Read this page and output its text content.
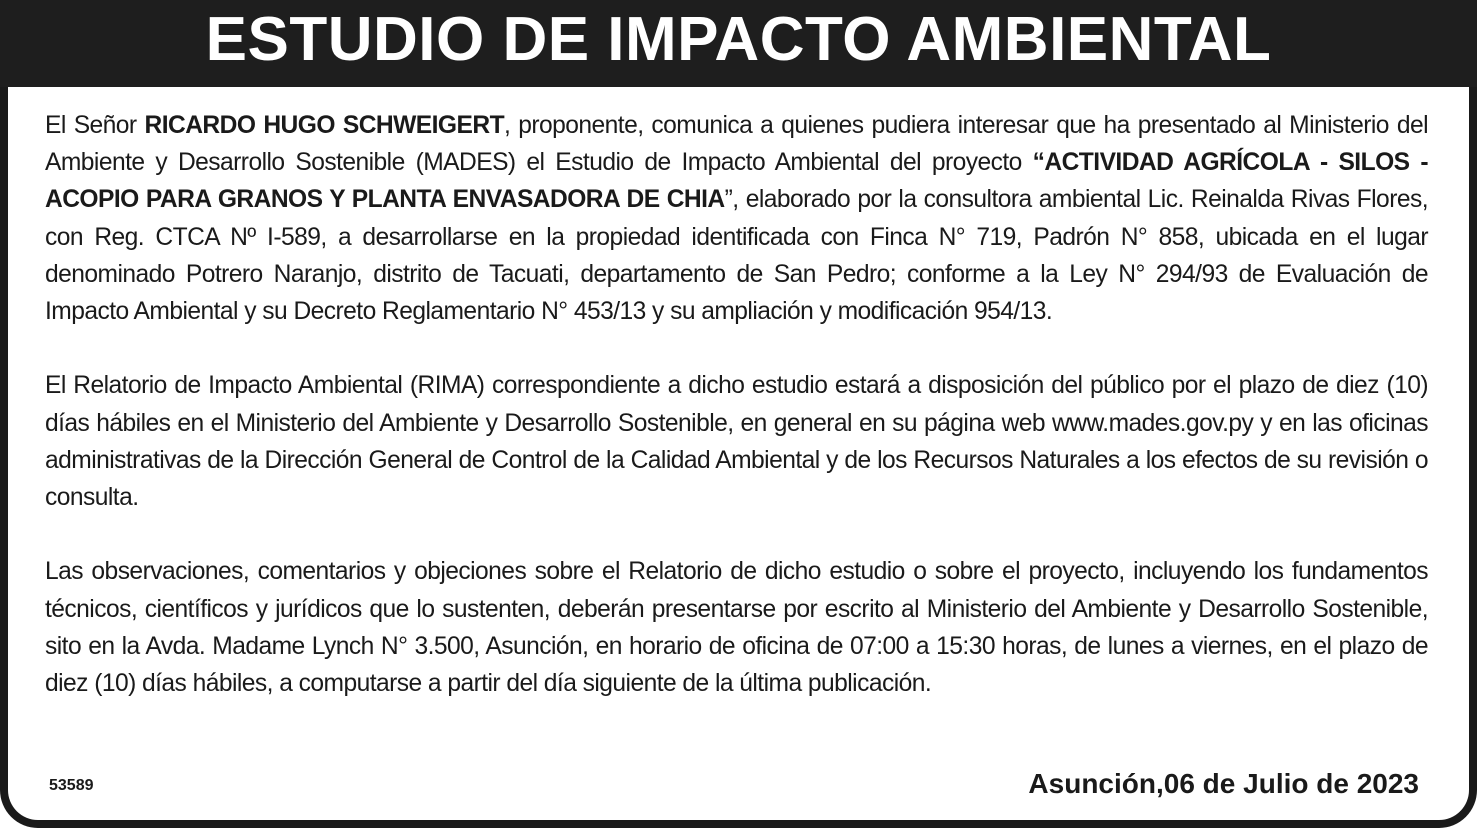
ESTUDIO DE IMPACTO AMBIENTAL

El Señor RICARDO HUGO SCHWEIGERT, proponente, comunica a quienes pudiera interesar que ha presentado al Ministerio del Ambiente y Desarrollo Sostenible (MADES) el Estudio de Impacto Ambiental del proyecto “ACTIVIDAD AGRÍCOLA - SILOS - ACOPIO PARA GRANOS Y PLANTA ENVASADORA DE CHIA”, elaborado por la consultora ambiental Lic. Reinalda Rivas Flores, con Reg. CTCA Nº I-589, a desarrollarse en la propiedad identificada con Finca N° 719, Padrón N° 858, ubicada en el lugar denominado Potrero Naranjo, distrito de Tacuati, departamento de San Pedro; conforme a la Ley N° 294/93 de Evaluación de Impacto Ambiental y su Decreto Reglamentario N° 453/13 y su ampliación y modificación 954/13.

El Relatorio de Impacto Ambiental (RIMA) correspondiente a dicho estudio estará a disposición del público por el plazo de diez (10) días hábiles en el Ministerio del Ambiente y Desarrollo Sostenible, en general en su página web www.mades.gov.py y en las oficinas administrativas de la Dirección General de Control de la Calidad Ambiental y de los Recursos Naturales a los efectos de su revisión o consulta.

Las observaciones, comentarios y objeciones sobre el Relatorio de dicho estudio o sobre el proyecto, incluyendo los fundamentos técnicos, científicos y jurídicos que lo sustenten, deberán presentarse por escrito al Ministerio del Ambiente y Desarrollo Sostenible, sito en la Avda. Madame Lynch N° 3.500, Asunción, en horario de oficina de 07:00 a 15:30 horas, de lunes a viernes, en el plazo de diez (10) días hábiles, a computarse a partir del día siguiente de la última publicación.

53589	Asunción,06 de Julio de 2023
